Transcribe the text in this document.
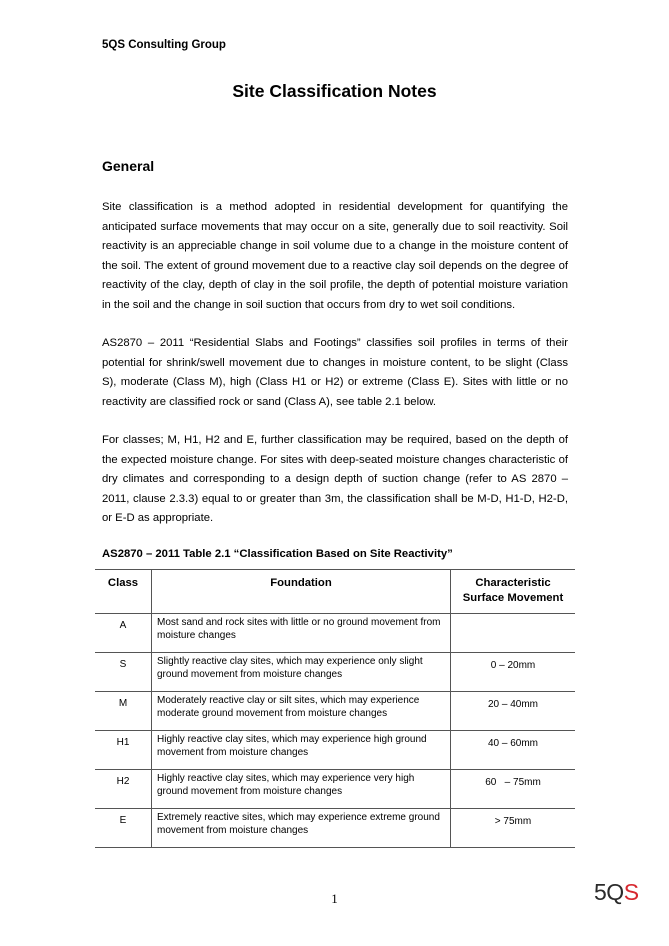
5QS Consulting Group
Site Classification Notes
General

Site classification is a method adopted in residential development for quantifying the anticipated surface movements that may occur on a site, generally due to soil reactivity. Soil reactivity is an appreciable change in soil volume due to a change in the moisture content of the soil. The extent of ground movement due to a reactive clay soil depends on the degree of reactivity of the clay, depth of clay in the soil profile, the depth of potential moisture variation in the soil and the change in soil suction that occurs from dry to wet soil conditions.

AS2870 – 2011 “Residential Slabs and Footings” classifies soil profiles in terms of their potential for shrink/swell movement due to changes in moisture content, to be slight (Class S), moderate (Class M), high (Class H1 or H2) or extreme (Class E). Sites with little or no reactivity are classified rock or sand (Class A), see table 2.1 below.

For classes; M, H1, H2 and E, further classification may be required, based on the depth of the expected moisture change. For sites with deep-seated moisture changes characteristic of dry climates and corresponding to a design depth of suction change (refer to AS 2870 – 2011, clause 2.3.3) equal to or greater than 3m, the classification shall be M-D, H1-D, H2-D, or E-D as appropriate.

AS2870 – 2011 Table 2.1 “Classification Based on Site Reactivity”
Class	Foundation	Characteristic
Surface Movement
A	Most sand and rock sites with little or no ground movement from moisture changes	
S	Slightly reactive clay sites, which may experience only slight ground movement from moisture changes	0 – 20mm
M	Moderately reactive clay or silt sites, which may experience moderate ground movement from moisture changes	20 – 40mm
H1	Highly reactive clay sites, which may experience high ground movement from moisture changes	40 – 60mm
H2	Highly reactive clay sites, which may experience very high ground movement from moisture changes	60   – 75mm
E	Extremely reactive sites, which may experience extreme ground movement from moisture changes	> 75mm
1	5QS
